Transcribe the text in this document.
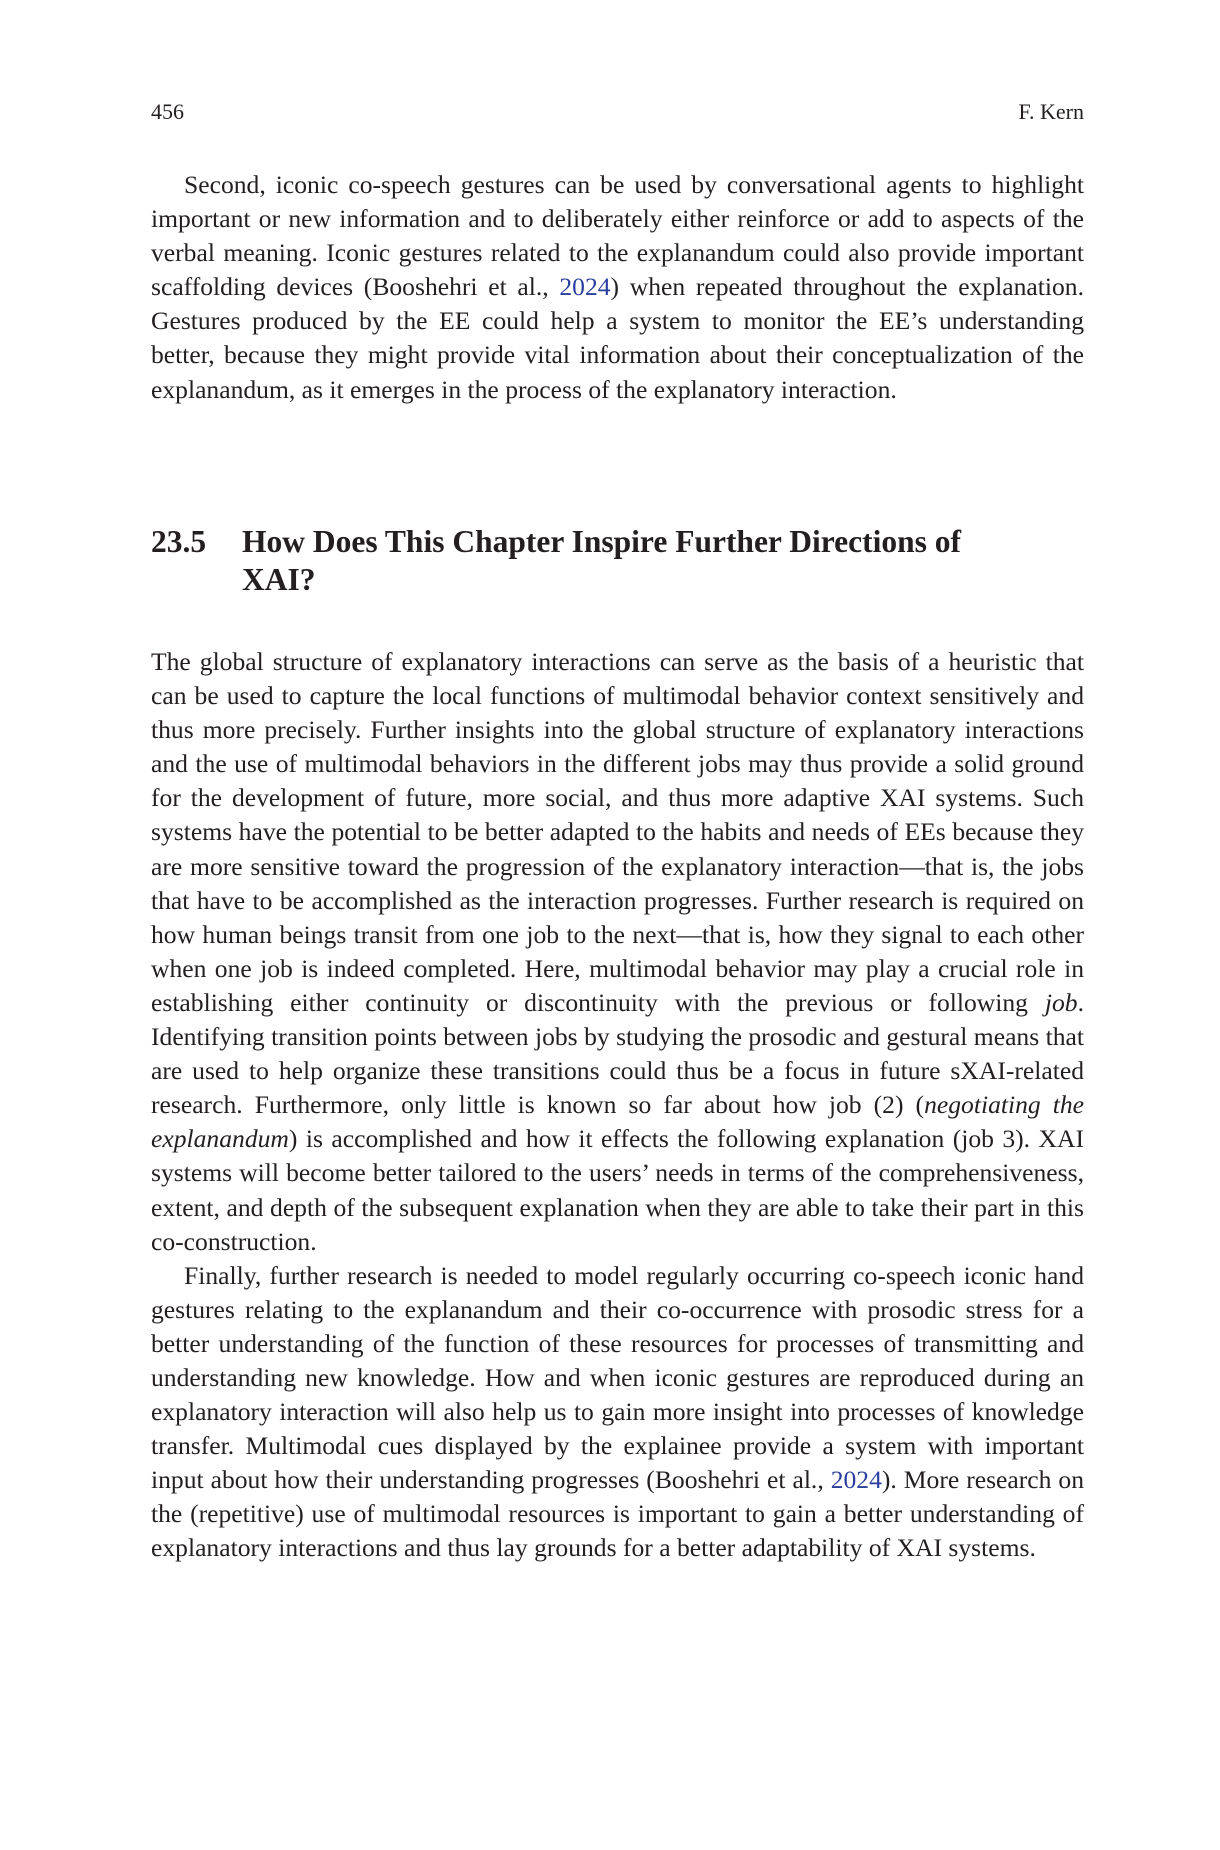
456	F. Kern

Second, iconic co-speech gestures can be used by conversational agents to highlight important or new information and to deliberately either reinforce or add to aspects of the verbal meaning. Iconic gestures related to the explanandum could also provide important scaffolding devices (Booshehri et al., 2024) when repeated throughout the explanation. Gestures produced by the EE could help a system to monitor the EE’s understanding better, because they might provide vital information about their conceptualization of the explanandum, as it emerges in the process of the explanatory interaction.

23.5 How Does This Chapter Inspire Further Directions of XAI?

The global structure of explanatory interactions can serve as the basis of a heuristic that can be used to capture the local functions of multimodal behavior context sensitively and thus more precisely. Further insights into the global structure of explanatory interactions and the use of multimodal behaviors in the different jobs may thus provide a solid ground for the development of future, more social, and thus more adaptive XAI systems. Such systems have the potential to be better adapted to the habits and needs of EEs because they are more sensitive toward the progression of the explanatory interaction—that is, the jobs that have to be accomplished as the interaction progresses. Further research is required on how human beings transit from one job to the next—that is, how they signal to each other when one job is indeed completed. Here, multimodal behavior may play a crucial role in establishing either continuity or discontinuity with the previous or following job. Identifying transition points between jobs by studying the prosodic and gestural means that are used to help organize these transitions could thus be a focus in future sXAI-related research. Furthermore, only little is known so far about how job (2) (negotiating the explanandum) is accomplished and how it effects the following explanation (job 3). XAI systems will become better tailored to the users’ needs in terms of the comprehensiveness, extent, and depth of the subsequent explanation when they are able to take their part in this co-construction.

Finally, further research is needed to model regularly occurring co-speech iconic hand gestures relating to the explanandum and their co-occurrence with prosodic stress for a better understanding of the function of these resources for processes of transmitting and understanding new knowledge. How and when iconic gestures are reproduced during an explanatory interaction will also help us to gain more insight into processes of knowledge transfer. Multimodal cues displayed by the explainee provide a system with important input about how their understanding progresses (Booshehri et al., 2024). More research on the (repetitive) use of multimodal resources is important to gain a better understanding of explanatory interactions and thus lay grounds for a better adaptability of XAI systems.
